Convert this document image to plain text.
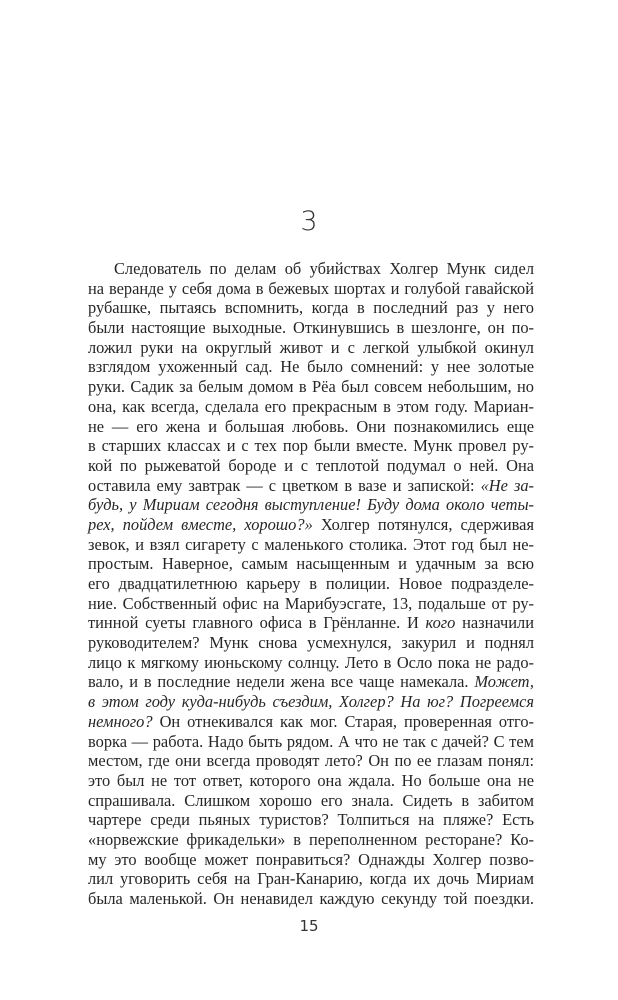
3
Следователь по делам об убийствах Холгер Мунк сидел
на веранде у себя дома в бежевых шортах и голубой гавайской
рубашке, пытаясь вспомнить, когда в последний раз у него
были настоящие выходные. Откинувшись в шезлонге, он по-
ложил руки на округлый живот и с легкой улыбкой окинул
взглядом ухоженный сад. Не было сомнений: у нее золотые
руки. Садик за белым домом в Рёа был совсем небольшим, но
она, как всегда, сделала его прекрасным в этом году. Мариан-
не — его жена и большая любовь. Они познакомились еще
в старших классах и с тех пор были вместе. Мунк провел ру-
кой по рыжеватой бороде и с теплотой подумал о ней. Она
оставила ему завтрак — с цветком в вазе и запиской: «Не за-
будь, у Мириам сегодня выступление! Буду дома около четы-
рех, пойдем вместе, хорошо?» Холгер потянулся, сдерживая
зевок, и взял сигарету с маленького столика. Этот год был не-
простым. Наверное, самым насыщенным и удачным за всю
его двадцатилетнюю карьеру в полиции. Новое подразделе-
ние. Собственный офис на Марибуэсгате, 13, подальше от ру-
тинной суеты главного офиса в Грёнланне. И кого назначили
руководителем? Мунк снова усмехнулся, закурил и поднял
лицо к мягкому июньскому солнцу. Лето в Осло пока не радо-
вало, и в последние недели жена все чаще намекала. Может,
в этом году куда-нибудь съездим, Холгер? На юг? Погреемся
немного? Он отнекивался как мог. Старая, проверенная отго-
ворка — работа. Надо быть рядом. А что не так с дачей? С тем
местом, где они всегда проводят лето? Он по ее глазам понял:
это был не тот ответ, которого она ждала. Но больше она не
спрашивала. Слишком хорошо его знала. Сидеть в забитом
чартере среди пьяных туристов? Толпиться на пляже? Есть
«норвежские фрикадельки» в переполненном ресторане? Ко-
му это вообще может понравиться? Однажды Холгер позво-
лил уговорить себя на Гран-Канарию, когда их дочь Мириам
была маленькой. Он ненавидел каждую секунду той поездки.
15
